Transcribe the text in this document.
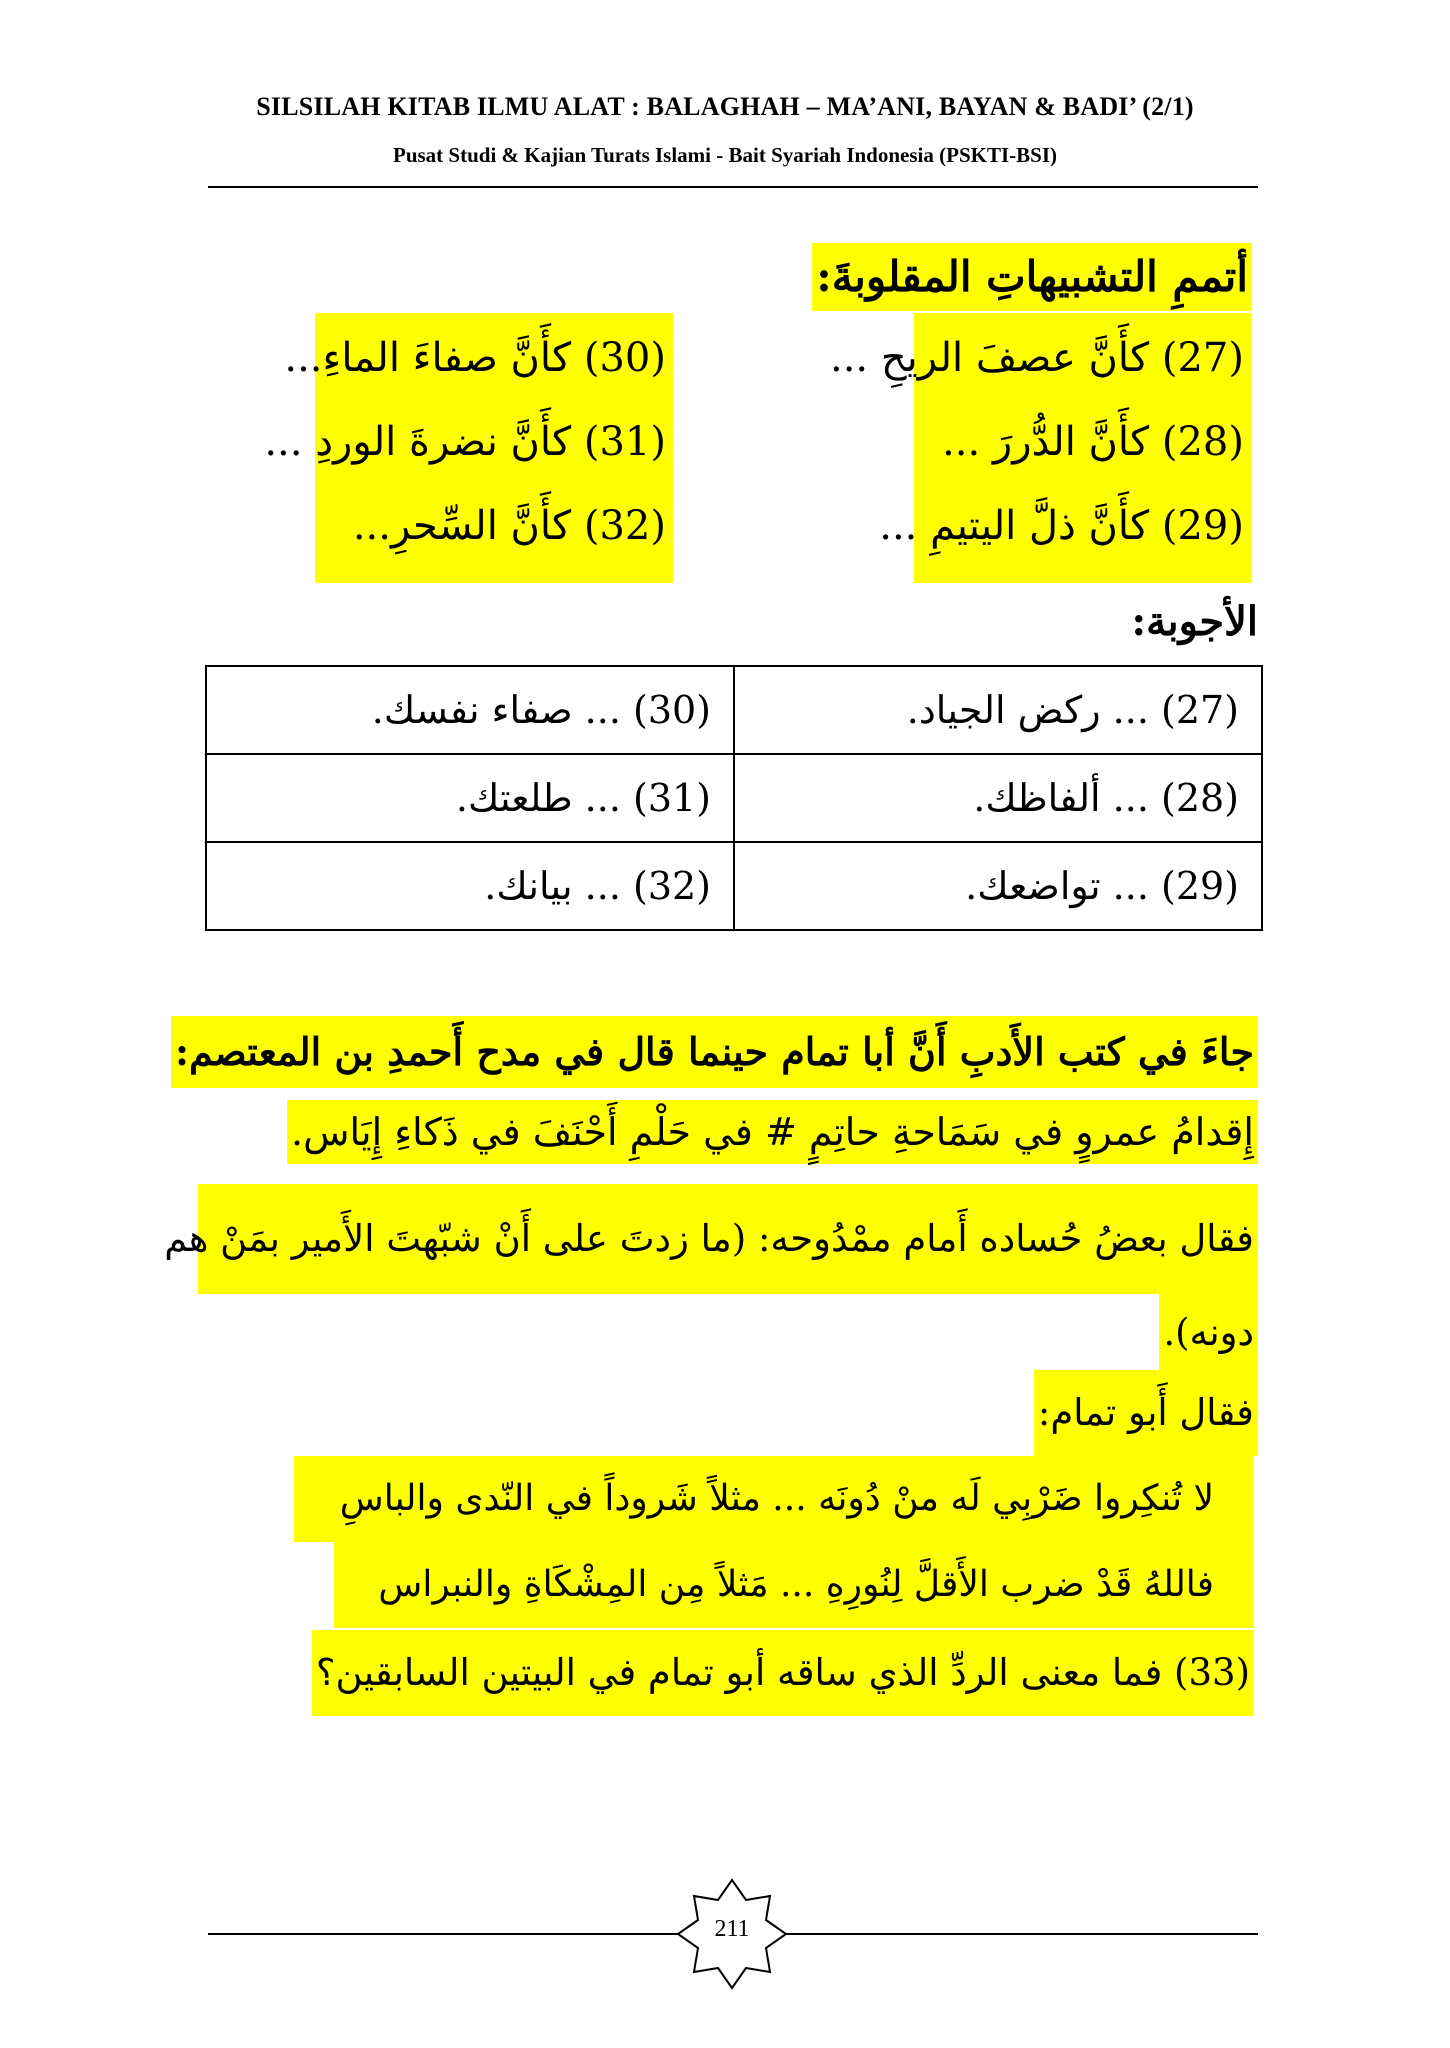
SILSILAH KITAB ILMU ALAT : BALAGHAH – MA’ANI, BAYAN & BADI’ (2/1)
Pusat Studi & Kajian Turats Islami - Bait Syariah Indonesia (PSKTI-BSI)
أتممِ التشبيهاتِ المقلوبةَ:
(27) كأَنَّ عصفَ الريحِ ...
(28) كأَنَّ الدُّررَ ...
(29) كأَنَّ ذلَّ اليتيمِ ...
(30) كأَنَّ صفاءَ الماءِ...
(31) كأَنَّ نضرةَ الوردِ ...
(32) كأَنَّ السِّحرِ...
الأجوبة:
(27) ... ركض الجياد.	(30) ... صفاء نفسك.
(28) ... ألفاظك.	(31) ... طلعتك.
(29) ... تواضعك.	(32) ... بيانك.
جاءَ في كتب الأَدبِ أَنَّ أبا تمام حينما قال في مدح أَحمدِ بن المعتصم:
إِقدامُ عمروٍ في سَمَاحةِ حاتِمٍ # في حَلْمِ أَحْنَفَ في ذَكاءِ إِيَاس.
فقال بعضُ حُساده أَمام ممْدُوحه: (ما زدتَ على أَنْ شبّهتَ الأَمير بمَنْ هم
دونه).
فقال أَبو تمام:
لا تُنكِروا ضَرْبِي لَه منْ دُونَه ... مثلاً شَروداً في النّدى والباسِ
فاللهُ قَدْ ضرب الأَقلَّ لِنُورِهِ ... مَثلاً مِن المِشْكَاةِ والنبراس
(33) فما معنى الردِّ الذي ساقه أبو تمام في البيتين السابقين؟
211
